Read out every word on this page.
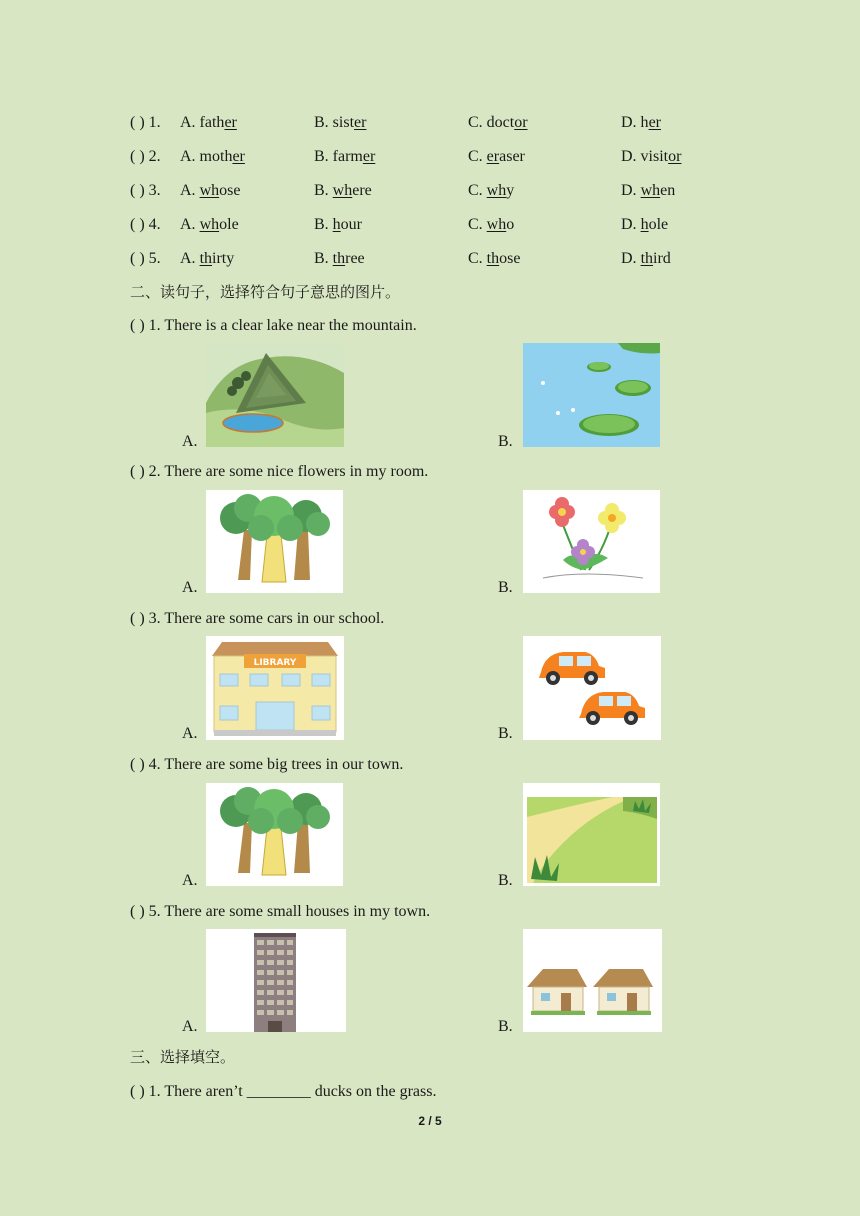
( ) 1. A. father	B. sister	C. doctor	D. her
( ) 2. A. mother	B. farmer	C. eraser	D. visitor
( ) 3. A. whose	B. where	C. why	D. when
( ) 4. A. whole	B. hour	C. who	D. hole
( ) 5. A. thirty	B. three	C. those	D. third
二、读句子，选择符合句子意思的图片。
( ) 1. There is a clear lake near the mountain.
A.	B.
( ) 2. There are some nice flowers in my room.
A.	B.
( ) 3. There are some cars in our school.
A.
LIBRARY
B.
( ) 4. There are some big trees in our town.
A.	B.
( ) 5. There are some small houses in my town.
A.	B.
三、选择填空。
( ) 1. There aren’t ________ ducks on the grass.
2 / 5
